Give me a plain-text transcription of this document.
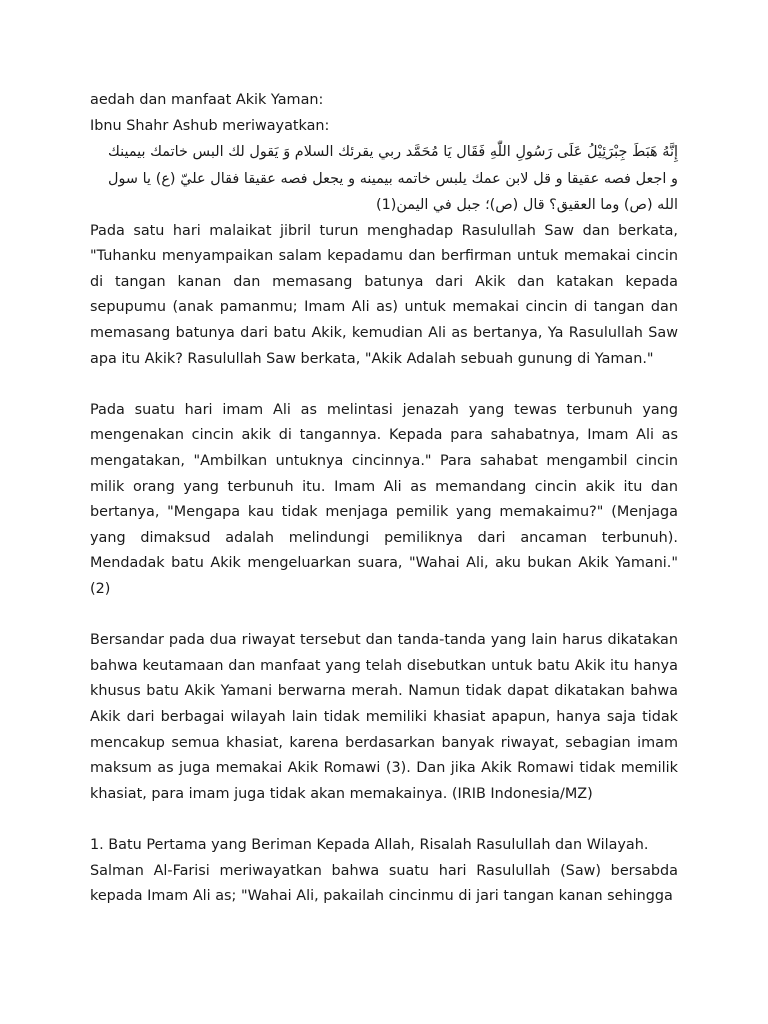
aedah dan manfaat Akik Yaman:
Ibnu Shahr Ashub meriwayatkan:

إِنَّهُ هَبَطَ جِبْرَئِيْلُ عَلَى رَسُولِ اللّٰهِ فَقَال يَا مُحَمَّد ربي يقرئك السلام وَ يَقول لك البس خاتمك بيمينك و اجعل فصه عقيقا و قل لابن عمك يلبس خاتمه بيمينه و يجعل فصه عقيقا فقال عليّ (ع) يا سول الله (ص) وما العقيق؟ قال (ص)؛ جبل في اليمن(1)

Pada satu hari malaikat jibril turun menghadap Rasulullah Saw dan berkata, "Tuhanku menyampaikan salam kepadamu dan berfirman untuk memakai cincin di tangan kanan dan memasang batunya dari Akik dan katakan kepada sepupumu (anak pamanmu; Imam Ali as) untuk memakai cincin di tangan dan memasang batunya dari batu Akik, kemudian Ali as bertanya, Ya Rasulullah Saw apa itu Akik? Rasulullah Saw berkata, "Akik Adalah sebuah gunung di Yaman."

Pada suatu hari imam Ali as melintasi jenazah yang tewas terbunuh yang mengenakan cincin akik di tangannya. Kepada para sahabatnya, Imam Ali as mengatakan, "Ambilkan untuknya cincinnya." Para sahabat mengambil cincin milik orang yang terbunuh itu. Imam Ali as memandang cincin akik itu dan bertanya, "Mengapa kau tidak menjaga pemilik yang memakaimu?" (Menjaga yang dimaksud adalah melindungi pemiliknya dari ancaman terbunuh). Mendadak batu Akik mengeluarkan suara, "Wahai Ali, aku bukan Akik Yamani." (2)

Bersandar pada dua riwayat tersebut dan tanda-tanda yang lain harus dikatakan bahwa keutamaan dan manfaat yang telah disebutkan untuk batu Akik itu hanya khusus batu Akik Yamani berwarna merah. Namun tidak dapat dikatakan bahwa Akik dari berbagai wilayah lain tidak memiliki khasiat apapun, hanya saja tidak mencakup semua khasiat, karena berdasarkan banyak riwayat, sebagian imam maksum as juga memakai Akik Romawi (3). Dan jika Akik Romawi tidak memilik khasiat, para imam juga tidak akan memakainya. (IRIB Indonesia/MZ)

1. Batu Pertama yang Beriman Kepada Allah, Risalah Rasulullah dan Wilayah.

Salman Al-Farisi meriwayatkan bahwa suatu hari Rasulullah (Saw) bersabda kepada Imam Ali as; "Wahai Ali, pakailah cincinmu di jari tangan kanan sehingga
